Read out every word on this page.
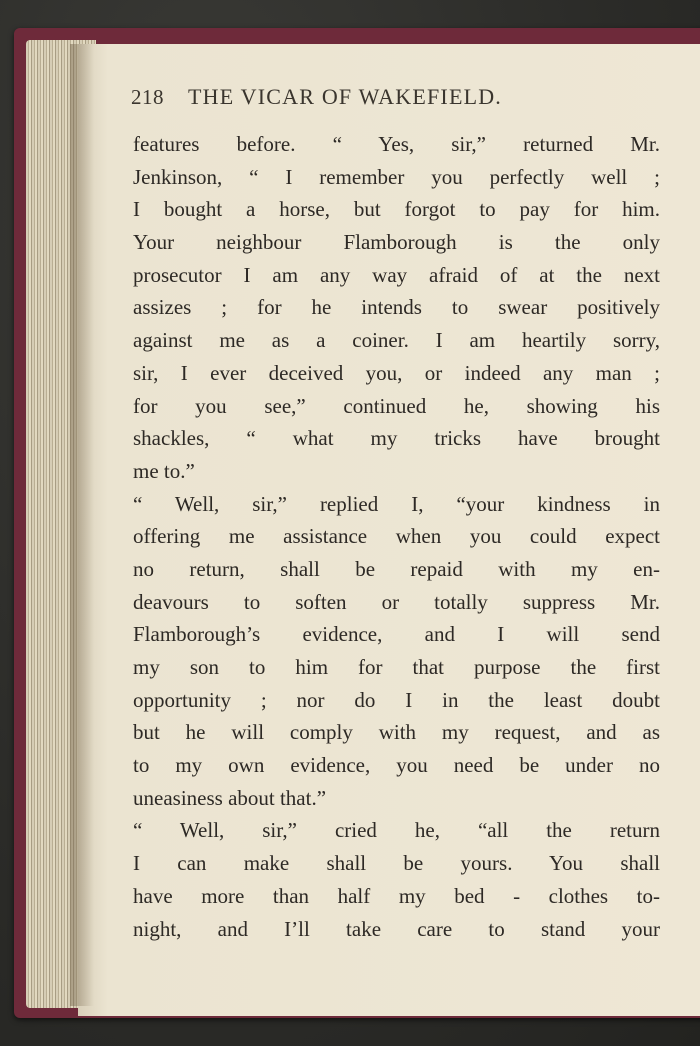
218 THE VICAR OF WAKEFIELD.
features before. “ Yes, sir,” returned Mr.
Jenkinson, “ I remember you perfectly well ;
I bought a horse, but forgot to pay for him.
Your neighbour Flamborough is the only
prosecutor I am any way afraid of at the next
assizes ; for he intends to swear positively
against me as a coiner. I am heartily sorry,
sir, I ever deceived you, or indeed any man ;
for you see,” continued he, showing his
shackles, “ what my tricks have brought
me to.”
“ Well, sir,” replied I, “your kindness in
offering me assistance when you could expect
no return, shall be repaid with my en-
deavours to soften or totally suppress Mr.
Flamborough’s evidence, and I will send
my son to him for that purpose the first
opportunity ; nor do I in the least doubt
but he will comply with my request, and as
to my own evidence, you need be under no
uneasiness about that.”
“ Well, sir,” cried he, “all the return
I can make shall be yours. You shall
have more than half my bed - clothes to-
night, and I’ll take care to stand your
